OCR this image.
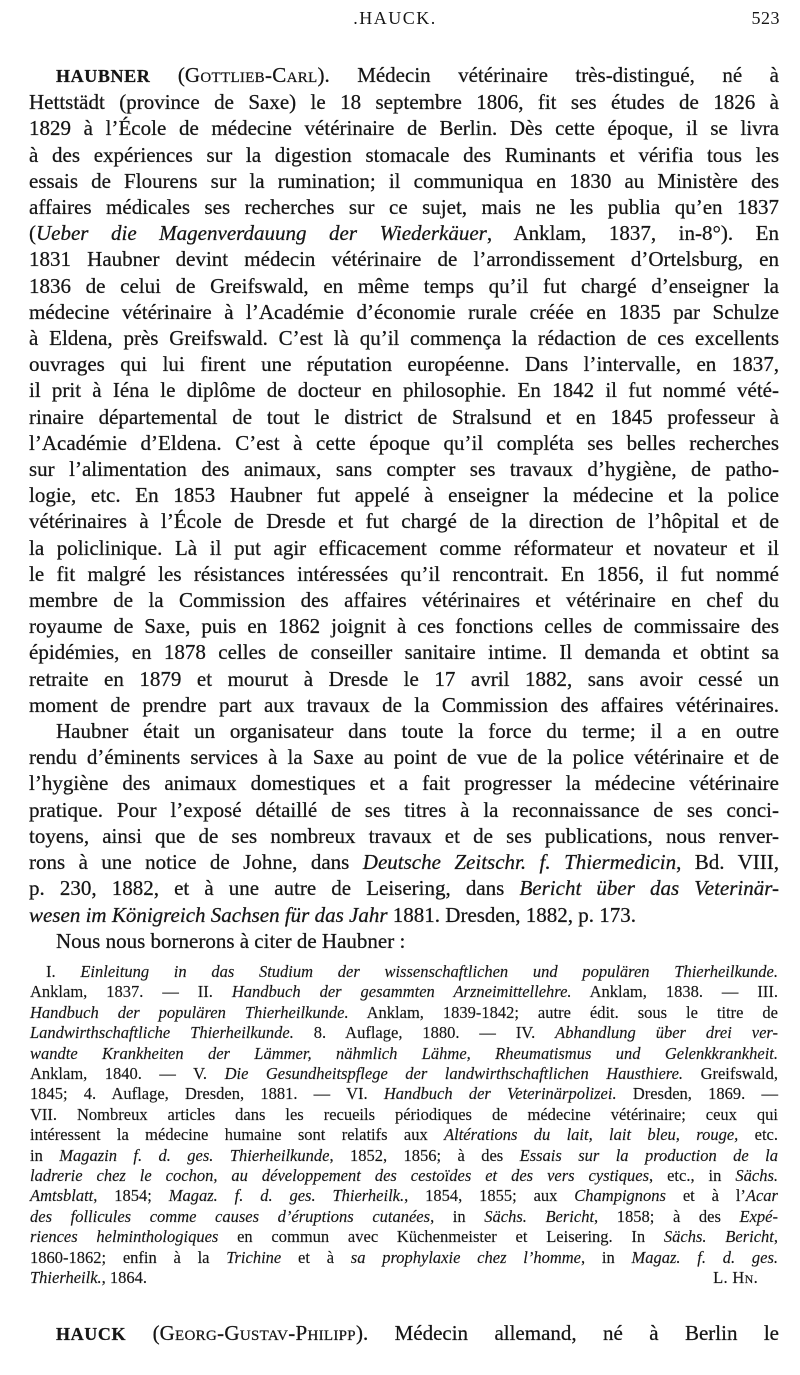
.HAUCK.	523
HAUBNER (Gottlieb-Carl). Médecin vétérinaire très-distingué, né à
Hettstädt (province de Saxe) le 18 septembre 1806, fit ses études de 1826 à
1829 à l’École de médecine vétérinaire de Berlin. Dès cette époque, il se livra
à des expériences sur la digestion stomacale des Ruminants et vérifia tous les
essais de Flourens sur la rumination; il communiqua en 1830 au Ministère des
affaires médicales ses recherches sur ce sujet, mais ne les publia qu’en 1837
(Ueber die Magenverdauung der Wiederkäuer, Anklam, 1837, in-8°). En
1831 Haubner devint médecin vétérinaire de l’arrondissement d’Ortelsburg, en
1836 de celui de Greifswald, en même temps qu’il fut chargé d’enseigner la
médecine vétérinaire à l’Académie d’économie rurale créée en 1835 par Schulze
à Eldena, près Greifswald. C’est là qu’il commença la rédaction de ces excellents
ouvrages qui lui firent une réputation européenne. Dans l’intervalle, en 1837,
il prit à Iéna le diplôme de docteur en philosophie. En 1842 il fut nommé vété-
rinaire départemental de tout le district de Stralsund et en 1845 professeur à
l’Académie d’Eldena. C’est à cette époque qu’il compléta ses belles recherches
sur l’alimentation des animaux, sans compter ses travaux d’hygiène, de patho-
logie, etc. En 1853 Haubner fut appelé à enseigner la médecine et la police
vétérinaires à l’École de Dresde et fut chargé de la direction de l’hôpital et de
la policlinique. Là il put agir efficacement comme réformateur et novateur et il
le fit malgré les résistances intéressées qu’il rencontrait. En 1856, il fut nommé
membre de la Commission des affaires vétérinaires et vétérinaire en chef du
royaume de Saxe, puis en 1862 joignit à ces fonctions celles de commissaire des
épidémies, en 1878 celles de conseiller sanitaire intime. Il demanda et obtint sa
retraite en 1879 et mourut à Dresde le 17 avril 1882, sans avoir cessé un
moment de prendre part aux travaux de la Commission des affaires vétérinaires.
Haubner était un organisateur dans toute la force du terme; il a en outre
rendu d’éminents services à la Saxe au point de vue de la police vétérinaire et de
l’hygiène des animaux domestiques et a fait progresser la médecine vétérinaire
pratique. Pour l’exposé détaillé de ses titres à la reconnaissance de ses conci-
toyens, ainsi que de ses nombreux travaux et de ses publications, nous renver-
rons à une notice de Johne, dans Deutsche Zeitschr. f. Thiermedicin, Bd. VIII,
p. 230, 1882, et à une autre de Leisering, dans Bericht über das Veterinär-
wesen im Königreich Sachsen für das Jahr 1881. Dresden, 1882, p. 173.
Nous nous bornerons à citer de Haubner :
I. Einleitung in das Studium der wissenschaftlichen und populären Thierheilkunde.
Anklam, 1837. — II. Handbuch der gesammten Arzneimittellehre. Anklam, 1838. — III.
Handbuch der populären Thierheilkunde. Anklam, 1839-1842; autre édit. sous le titre de
Landwirthschaftliche Thierheilkunde. 8. Auflage, 1880. — IV. Abhandlung über drei ver-
wandte Krankheiten der Lämmer, nähmlich Lähme, Rheumatismus und Gelenkkrankheit.
Anklam, 1840. — V. Die Gesundheitspflege der landwirthschaftlichen Hausthiere. Greifswald,
1845; 4. Auflage, Dresden, 1881. — VI. Handbuch der Veterinärpolizei. Dresden, 1869. —
VII. Nombreux articles dans les recueils périodiques de médecine vétérinaire; ceux qui
intéressent la médecine humaine sont relatifs aux Altérations du lait, lait bleu, rouge, etc.
in Magazin f. d. ges. Thierheilkunde, 1852, 1856; à des Essais sur la production de la
ladrerie chez le cochon, au développement des cestoïdes et des vers cystiques, etc., in Sächs.
Amtsblatt, 1854; Magaz. f. d. ges. Thierheilk., 1854, 1855; aux Champignons et à l’Acar
des follicules comme causes d’éruptions cutanées, in Sächs. Bericht, 1858; à des Expé-
riences helminthologiques en commun avec Küchenmeister et Leisering. In Sächs. Bericht,
1860-1862; enfin à la Trichine et à sa prophylaxie chez l’homme, in Magaz. f. d. ges.
L. Hn.
Thierheilk., 1864.
HAUCK (Georg-Gustav-Philipp). Médecin allemand, né à Berlin le
